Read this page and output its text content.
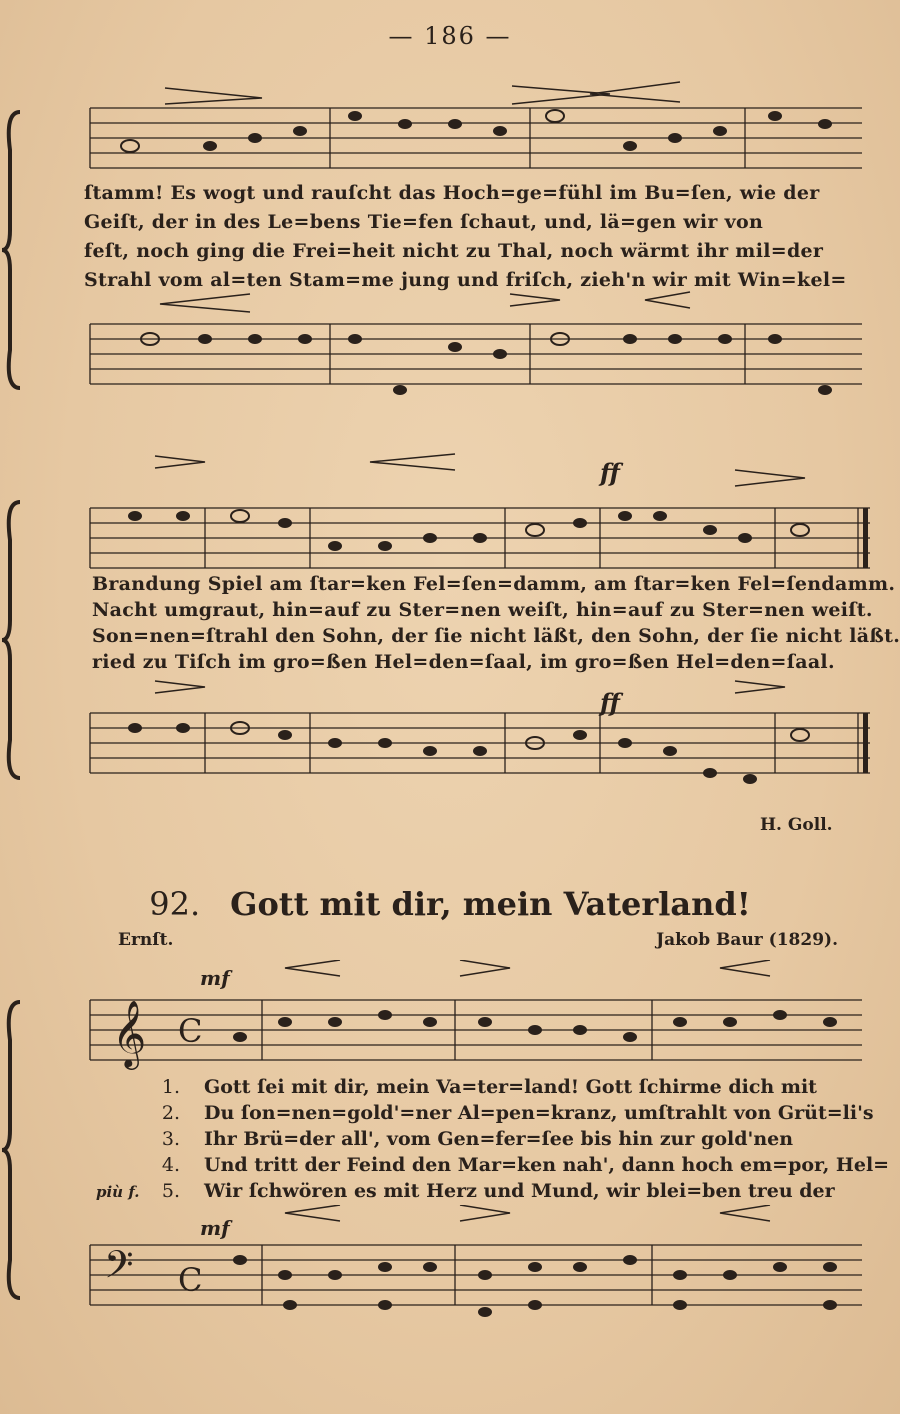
— 186 —
ſtamm! Es wogt und rauſcht das Hoch=ge=fühl im Bu=ſen, wie der
Geiſt, der in des Le=bens Tie=fen ſchaut, und, lä=gen wir von
feſt, noch ging die Frei=heit nicht zu Thal, noch wärmt ihr mil=der
Strahl vom al=ten Stam=me jung und friſch, zieh'n wir mit Win=kel=
ff
Brandung Spiel am ſtar=ken Fel=ſen=damm, am ſtar=ken Fel=ſendamm.
Nacht umgraut, hin=auf zu Ster=nen weiſt, hin=auf zu Ster=nen weiſt.
Son=nen=ſtrahl den Sohn, der ſie nicht läßt, den Sohn, der ſie nicht läßt.
ried zu Tiſch im gro=ßen Hel=den=ſaal, im gro=ßen Hel=den=ſaal.
ff
H. Goll.
92. Gott mit dir, mein Vaterland!
Ernſt.	Jakob Baur (1829).
mf
𝄞 C
1. Gott ſei mit dir, mein Va=ter=land! Gott ſchirme dich mit
2. Du ſon=nen=gold'=ner Al=pen=kranz, umſtrahlt von Grüt=li's
3. Ihr Brü=der all', vom Gen=fer=ſee bis hin zur gold'nen
4. Und tritt der Feind den Mar=ken nah', dann hoch em=por, Hel=
5. Wir ſchwören es mit Herz und Mund, wir blei=ben treu der
più f.
mf
𝄢 C
